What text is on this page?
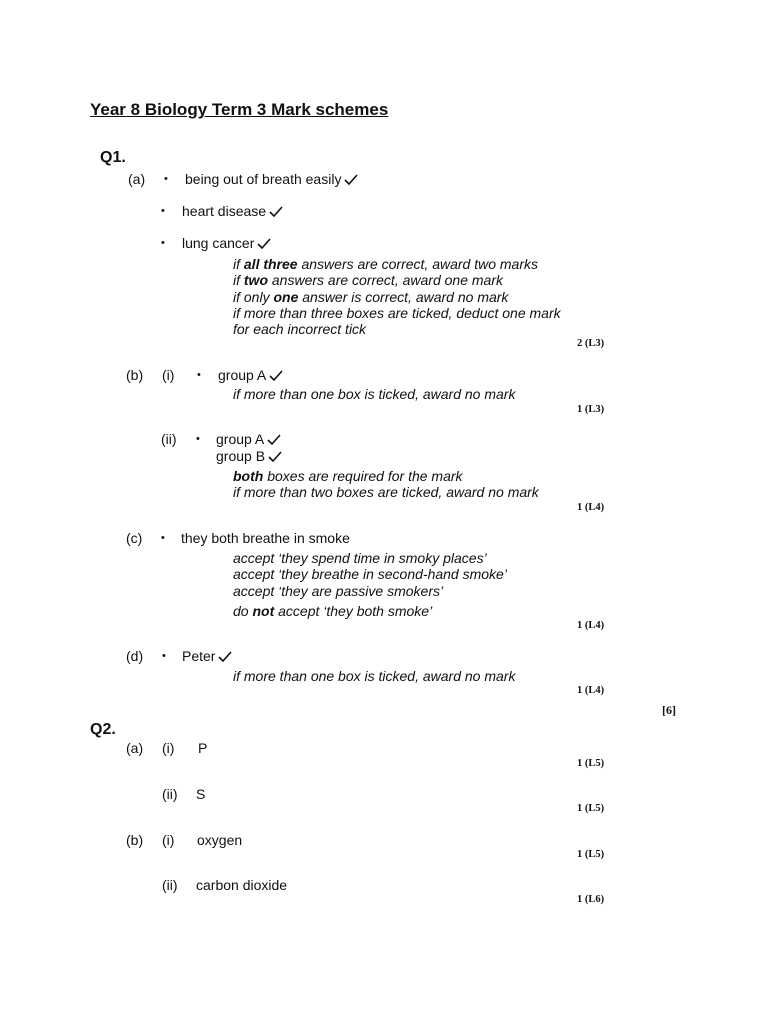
Year 8 Biology Term 3 Mark schemes
Q1.
(a) • being out of breath easily
• heart disease
• lung cancer
if all three answers are correct, award two marks
if two answers are correct, award one mark
if only one answer is correct, award no mark
if more than three boxes are ticked, deduct one mark
for each incorrect tick
2 (L3)
(b) (i) • group A
if more than one box is ticked, award no mark
1 (L3)
(ii) • group A
group B
both boxes are required for the mark
if more than two boxes are ticked, award no mark
1 (L4)
(c) • they both breathe in smoke
accept ‘they spend time in smoky places’
accept ‘they breathe in second-hand smoke’
accept ‘they are passive smokers’
do not accept ‘they both smoke’
1 (L4)
(d) • Peter
if more than one box is ticked, award no mark
1 (L4)
[6]
Q2.
(a) (i) P
1 (L5)
(ii) S
1 (L5)
(b) (i) oxygen
1 (L5)
(ii) carbon dioxide
1 (L6)
